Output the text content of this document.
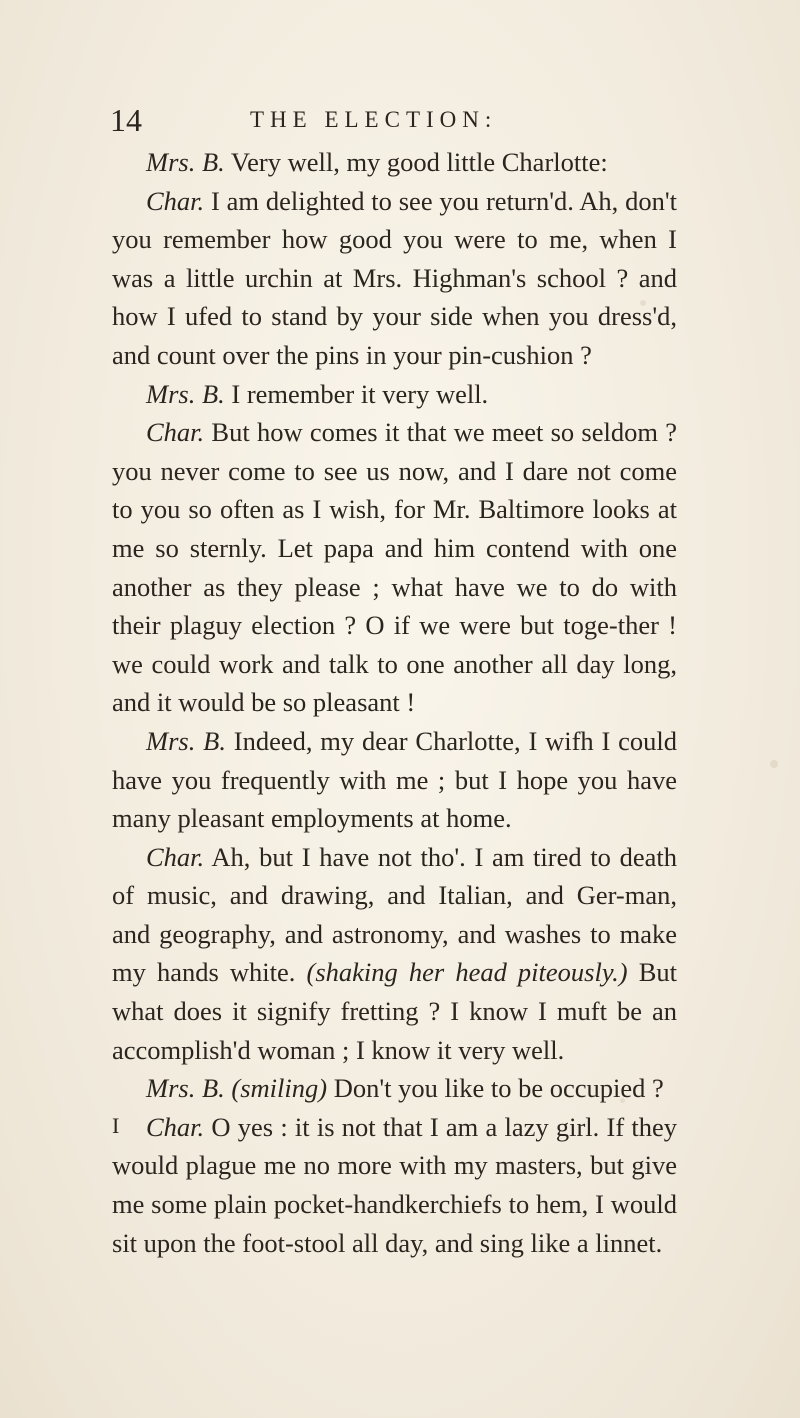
14	THE ELECTION:

Mrs. B. Very well, my good little Charlotte:

Char. I am delighted to see you return'd. Ah, don't you remember how good you were to me, when I was a little urchin at Mrs. Highman's school ? and how I ufed to stand by your side when you dress'd, and count over the pins in your pin-cushion ?

Mrs. B. I remember it very well.

Char. But how comes it that we meet so seldom ? you never come to see us now, and I dare not come to you so often as I wish, for Mr. Baltimore looks at me so sternly. Let papa and him contend with one another as they please ; what have we to do with their plaguy election ? O if we were but toge-ther ! we could work and talk to one another all day long, and it would be so pleasant !

Mrs. B. Indeed, my dear Charlotte, I wifh I could have you frequently with me ; but I hope you have many pleasant employments at home.

Char. Ah, but I have not tho'. I am tired to death of music, and drawing, and Italian, and Ger-man, and geography, and astronomy, and washes to make my hands white. (shaking her head piteously.) But what does it signify fretting ? I know I muft be an accomplish'd woman ; I know it very well.

Mrs. B. (smiling) Don't you like to be occupied ?

Char. O yes : it is not that I am a lazy girl. If they would plague me no more with my masters, but give me some plain pocket-handkerchiefs to hem, I would sit upon the foot-stool all day, and sing like a linnet.

I
